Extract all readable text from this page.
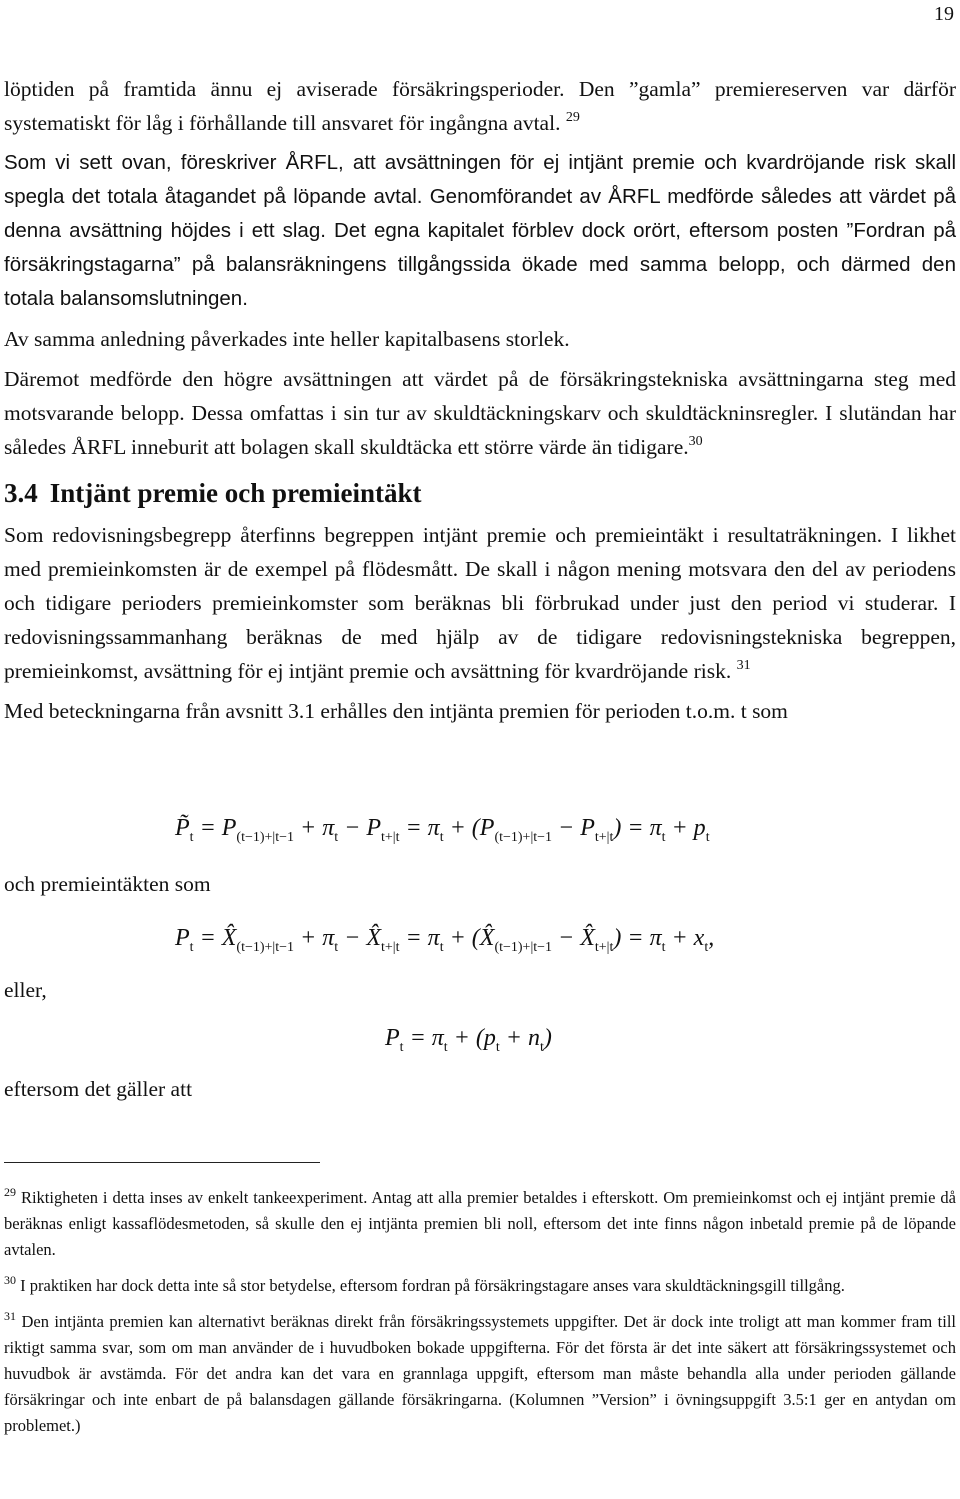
19

löptiden på framtida ännu ej aviserade försäkringsperioder. Den ”gamla” premiereserven var därför systematiskt för låg i förhållande till ansvaret för ingångna avtal. $^{29}$

Som vi sett ovan, föreskriver ÅRFL, att avsättningen för ej intjänt premie och kvardröjande risk skall spegla det totala åtagandet på löpande avtal. Genomförandet av ÅRFL medförde således att värdet på denna avsättning höjdes i ett slag. Det egna kapitalet förblev dock orört, eftersom posten ”Fordran på försäkringstagarna” på balansräkningens tillgångssida ökade med samma belopp, och därmed den totala balansomslutningen.

Av samma anledning påverkades inte heller kapitalbasens storlek.

Däremot medförde den högre avsättningen att värdet på de försäkringstekniska avsättningarna steg med motsvarande belopp. Dessa omfattas i sin tur av skuldtäckningskarv och skuldtäckninsregler. I slutändan har således ÅRFL inneburit att bolagen skall skuldtäcka ett större värde än tidigare.$^{30}$

3.4 Intjänt premie och premieintäkt

Som redovisningsbegrepp återfinns begreppen intjänt premie och premieintäkt i resultaträkningen. I likhet med premieinkomsten är de exempel på flödesmått. De skall i någon mening motsvara den del av periodens och tidigare perioders premieinkomster som beräknas bli förbrukad under just den period vi studerar. I redovisningssammanhang beräknas de med hjälp av de tidigare redovisningstekniska begreppen, premieinkomst, avsättning för ej intjänt premie och avsättning för kvardröjande risk. $^{31}$

Med beteckningarna från avsnitt 3.1 erhålles den intjänta premien för perioden t.o.m. t som

$P̃_t = P_{(t-1)+|t-1} + \pi_t - P_{t+|t} = \pi_t + (P_{(t-1)+|t-1} - P_{t+|t}) = \pi_t + p_t$
och premieintäkten som
$P_t$ = $X̂_{(t-1)+|t-1} + \pi_t$ − $X̂_{t+|t} = \pi_t$ + ($X̂_{(t-1)+|t-1}$ − $X̂_{t+|t}) = \pi_t + x_t$,
eller,
$P_t = \pi_t + (p_t + n_t)$
eftersom det gäller att

$^{29}$ Riktigheten i detta inses av enkelt tankeexperiment. Antag att alla premier betaldes i efterskott. Om premieinkomst och ej intjänt premie då beräknas enligt kassaflödesmetoden, så skulle den ej intjänta premien bli noll, eftersom det inte finns någon inbetald premie på de löpande avtalen.

$^{30}$ I praktiken har dock detta inte så stor betydelse, eftersom fordran på försäkringstagare anses vara skuldtäckningsgill tillgång.

$^{31}$ Den intjänta premien kan alternativt beräknas direkt från försäkringssystemets uppgifter. Det är dock inte troligt att man kommer fram till riktigt samma svar, som om man använder de i huvudboken bokade uppgifterna. För det första är det inte säkert att försäkringssystemet och huvudbok är avstämda. För det andra kan det vara en grannlaga uppgift, eftersom man måste behandla alla under perioden gällande försäkringar och inte enbart de på balansdagen gällande försäkringarna. (Kolumnen ”Version” i övningsuppgift 3.5:1 ger en antydan om problemet.)
